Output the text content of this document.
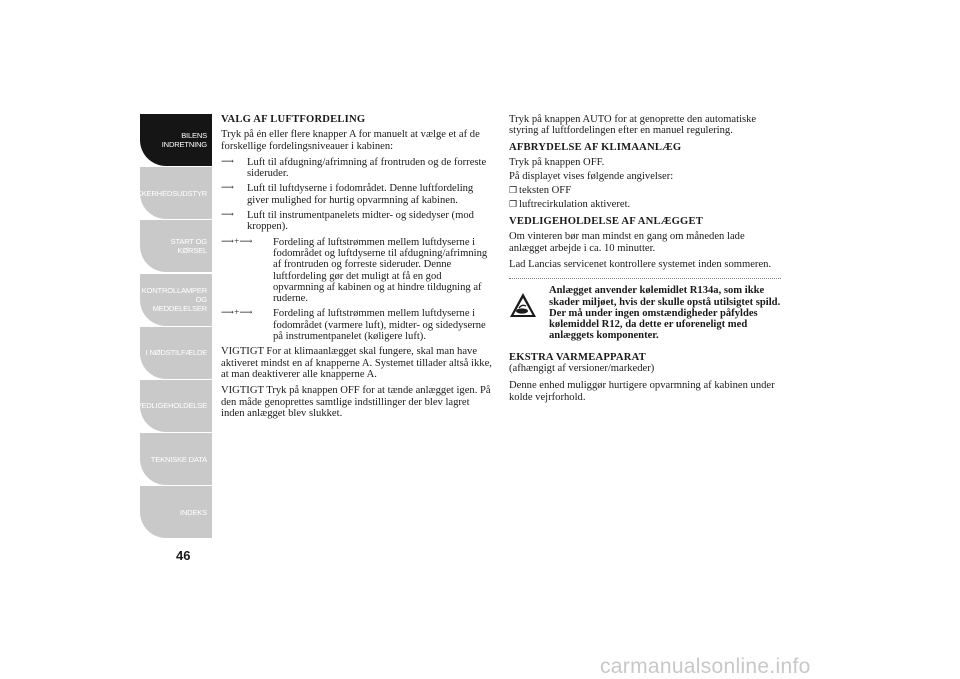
BILENS
INDRETNING
SIKKERHEDSUDSTYR
START OG KØRSEL
KONTROLLAMPER
OG MEDDELELSER
I NØDSTILFÆLDE
VEDLIGEHOLDELSE
TEKNISKE DATA
INDEKS
46
VALG AF LUFTFORDELING

Tryk på én eller flere knapper A for manuelt at vælge et af de forskellige fordelingsniveauer i kabinen:

⟶ Luft til afdugning/afrimning af frontruden og de forreste sideruder.
⟶ Luft til luftdyserne i fodområdet. Denne luftfordeling giver mulighed for hurtig opvarmning af kabinen.
⟶ Luft til instrumentpanelets midter- og sidedyser (mod kroppen).
⟶ + ⟶ Fordeling af luftstrømmen mellem luftdyserne i fodområdet og luftdyserne til afdugning/afrimning af frontruden og forreste sideruder. Denne luftfordeling gør det muligt at få en god opvarmning af kabinen og at hindre tildugning af ruderne.
⟶ + ⟶ Fordeling af luftstrømmen mellem luftdyserne i fodområdet (varmere luft), midter- og sidedyserne på instrumentpanelet (køligere luft).

VIGTIGT For at klimaanlægget skal fungere, skal man have aktiveret mindst en af knapperne A. Systemet tillader altså ikke, at man deaktiverer alle knapperne A.

VIGTIGT Tryk på knappen OFF for at tænde anlægget igen. På den måde genoprettes samtlige indstillinger der blev lagret inden anlægget blev slukket.

Tryk på knappen AUTO for at genoprette den automatiske styring af luftfordelingen efter en manuel regulering.

AFBRYDELSE AF KLIMAANLÆG

Tryk på knappen OFF.

På displayet vises følgende angivelser:

❒ teksten OFF
❒ luftrecirkulation aktiveret.
VEDLIGEHOLDELSE AF ANLÆGGET

Om vinteren bør man mindst en gang om måneden lade anlægget arbejde i ca. 10 minutter.

Lad Lancias servicenet kontrollere systemet inden sommeren.

Anlægget anvender kølemidlet R134a, som ikke skader miljøet, hvis der skulle opstå utilsigtet spild. Der må under ingen omstændigheder påfyldes kølemiddel R12, da dette er uforeneligt med anlæggets komponenter.
EKSTRA VARMEAPPARAT

(afhængigt af versioner/markeder)

Denne enhed muliggør hurtigere opvarmning af kabinen under kolde vejrforhold.

carmanualsonline.info
